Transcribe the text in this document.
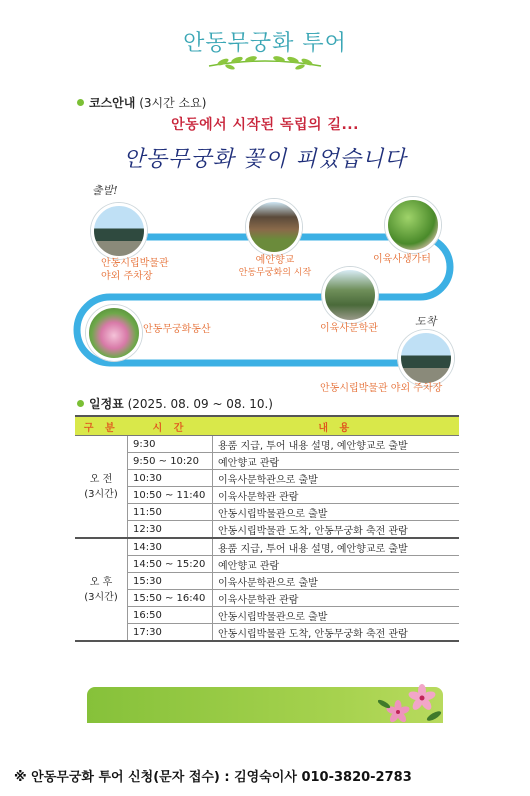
안동무궁화 투어
코스안내 (3시간 소요)
안동에서 시작된 독립의 길...
안동무궁화 꽃이 피었습니다
출발!
도착
안동시립박물관
야외 주차장
예안향교
안동무궁화의 시작
이육사생가터
이육사문학관
안동무궁화동산
안동시립박물관 야외 주차장
일정표 (2025. 08. 09 ~ 08. 10.)
구 분	시 간	내 용

오 전
(3시간)	9:30	용품 지급, 투어 내용 설명, 예안향교로 출발
	9:50 ~ 10:20	예안향교 관람
	10:30	이육사문학관으로 출발
	10:50 ~ 11:40	이육사문학관 관람
	11:50	안동시립박물관으로 출발
	12:30	안동시립박물관 도착, 안동무궁화 축전 관람

오 후
(3시간)	14:30	용품 지급, 투어 내용 설명, 예안향교로 출발
	14:50 ~ 15:20	예안향교 관람
	15:30	이육사문학관으로 출발
	15:50 ~ 16:40	이육사문학관 관람
	16:50	안동시립박물관으로 출발
	17:30	안동시립박물관 도착, 안동무궁화 축전 관람
※ 안동무궁화 투어 신청(문자 접수) : 김영숙이사 010-3820-2783
